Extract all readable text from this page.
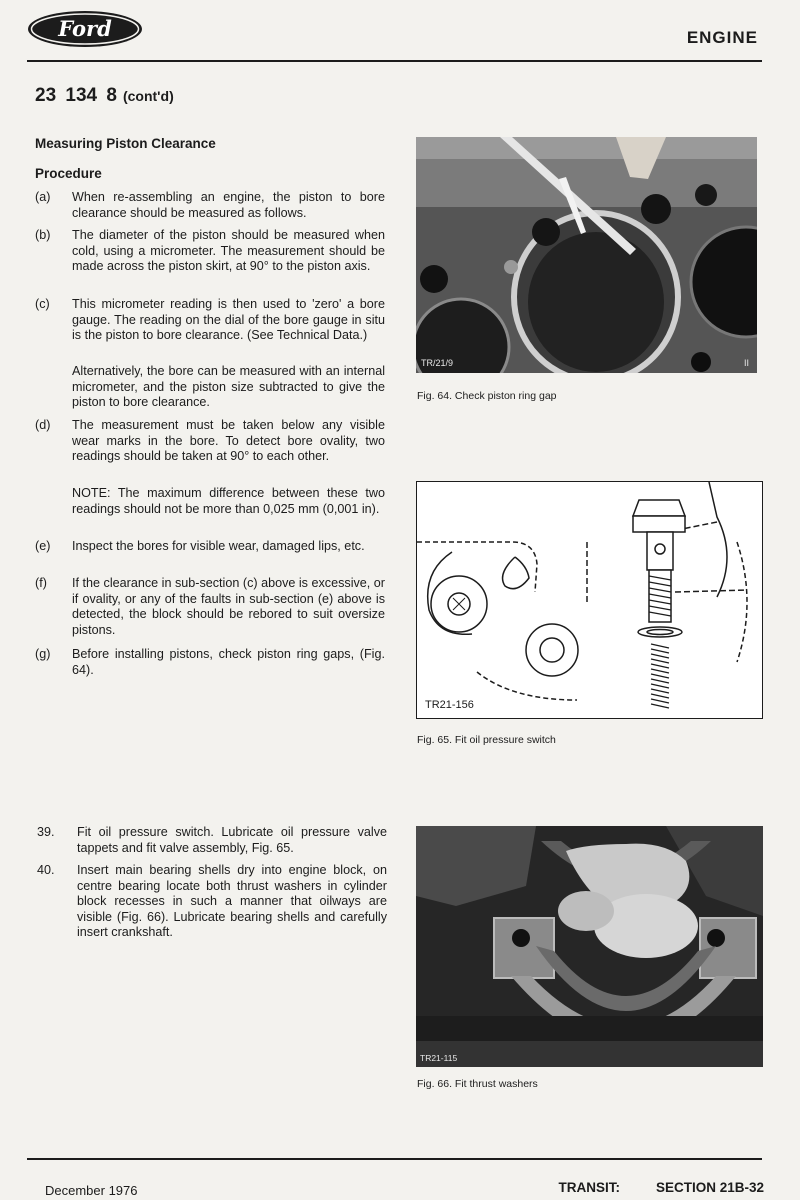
Ford	ENGINE
23 134 8 (cont'd)
Measuring Piston Clearance
Procedure
(a) When re-assembling an engine, the piston to bore clearance should be measured as follows.
(b) The diameter of the piston should be measured when cold, using a micrometer. The measurement should be made across the piston skirt, at 90° to the piston axis.
(c) This micrometer reading is then used to 'zero' a bore gauge. The reading on the dial of the bore gauge in situ is the piston to bore clearance. (See Technical Data.)
Alternatively, the bore can be measured with an internal micrometer, and the piston size subtracted to give the piston to bore clearance.
(d) The measurement must be taken below any visible wear marks in the bore. To detect bore ovality, two readings should be taken at 90° to each other.
NOTE: The maximum difference between these two readings should not be more than 0,025 mm (0,001 in).
(e) Inspect the bores for visible wear, damaged lips, etc.
(f) If the clearance in sub-section (c) above is excessive, or if ovality, or any of the faults in sub-section (e) above is detected, the block should be rebored to suit oversize pistons.
(g) Before installing pistons, check piston ring gaps, (Fig. 64).
39. Fit oil pressure switch. Lubricate oil pressure valve tappets and fit valve assembly, Fig. 65.
40. Insert main bearing shells dry into engine block, on centre bearing locate both thrust washers in cylinder block recesses in such a manner that oilways are visible (Fig. 66). Lubricate bearing shells and carefully insert crankshaft.
TR/21/9	II
Fig. 64. Check piston ring gap
TR21-156
Fig. 65. Fit oil pressure switch
TR21-115
Fig. 66. Fit thrust washers
December 1976	TRANSIT:	SECTION 21B-32
